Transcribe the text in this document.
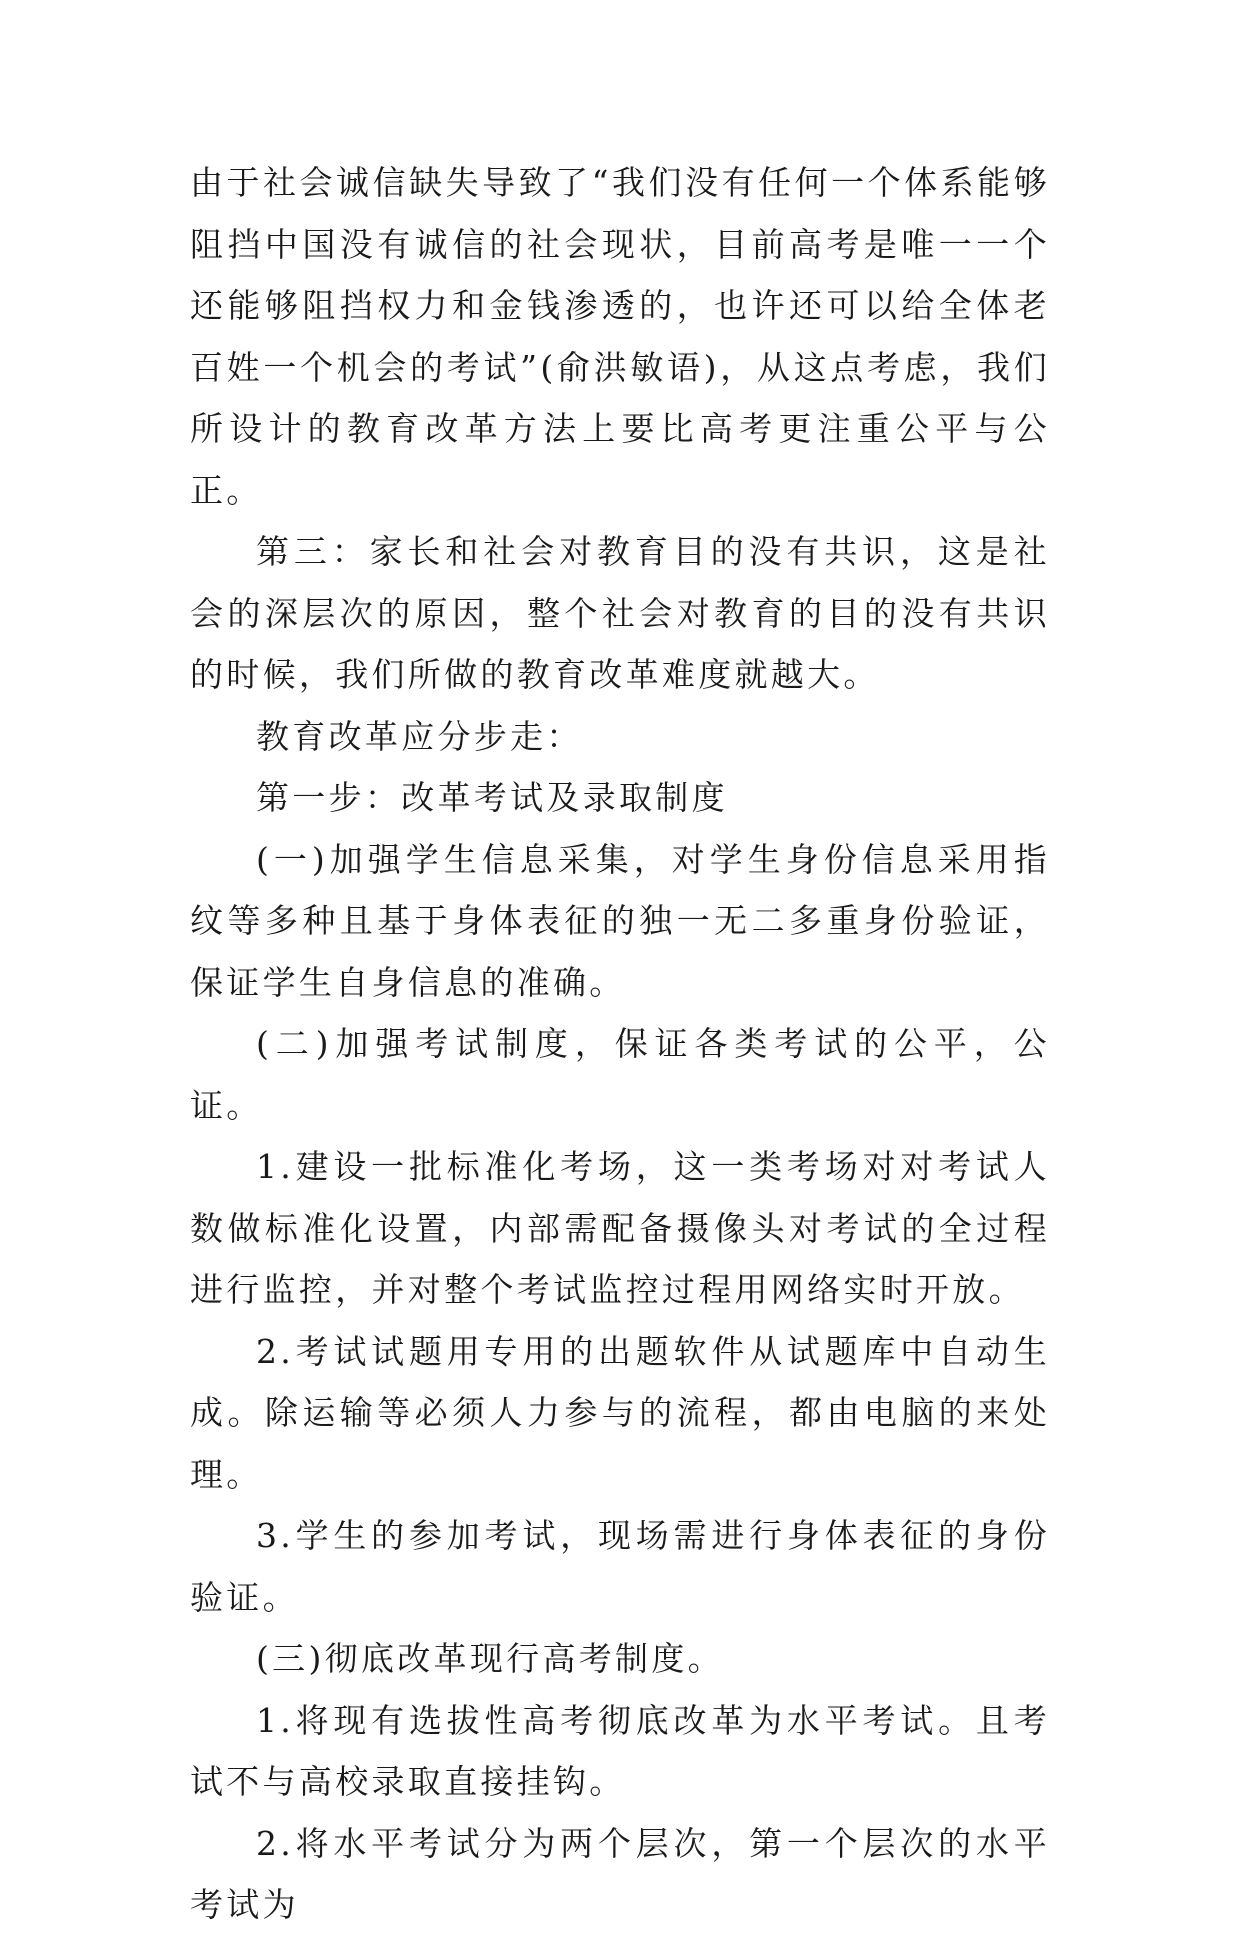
由于社会诚信缺失导致了“我们没有任何一个体系能够阻挡中国没有诚信的社会现状，目前高考是唯一一个还能够阻挡权力和金钱渗透的，也许还可以给全体老百姓一个机会的考试”(俞洪敏语)，从这点考虑，我们所设计的教育改革方法上要比高考更注重公平与公正。

第三：家长和社会对教育目的没有共识，这是社会的深层次的原因，整个社会对教育的目的没有共识的时候，我们所做的教育改革难度就越大。

教育改革应分步走：

第一步：改革考试及录取制度

(一)加强学生信息采集，对学生身份信息采用指纹等多种且基于身体表征的独一无二多重身份验证，保证学生自身信息的准确。

(二)加强考试制度，保证各类考试的公平，公证。

1.建设一批标准化考场，这一类考场对对考试人数做标准化设置，内部需配备摄像头对考试的全过程进行监控，并对整个考试监控过程用网络实时开放。

2.考试试题用专用的出题软件从试题库中自动生成。除运输等必须人力参与的流程，都由电脑的来处理。

3.学生的参加考试，现场需进行身体表征的身份验证。

(三)彻底改革现行高考制度。

1.将现有选拔性高考彻底改革为水平考试。且考试不与高校录取直接挂钩。

2.将水平考试分为两个层次，第一个层次的水平考试为
